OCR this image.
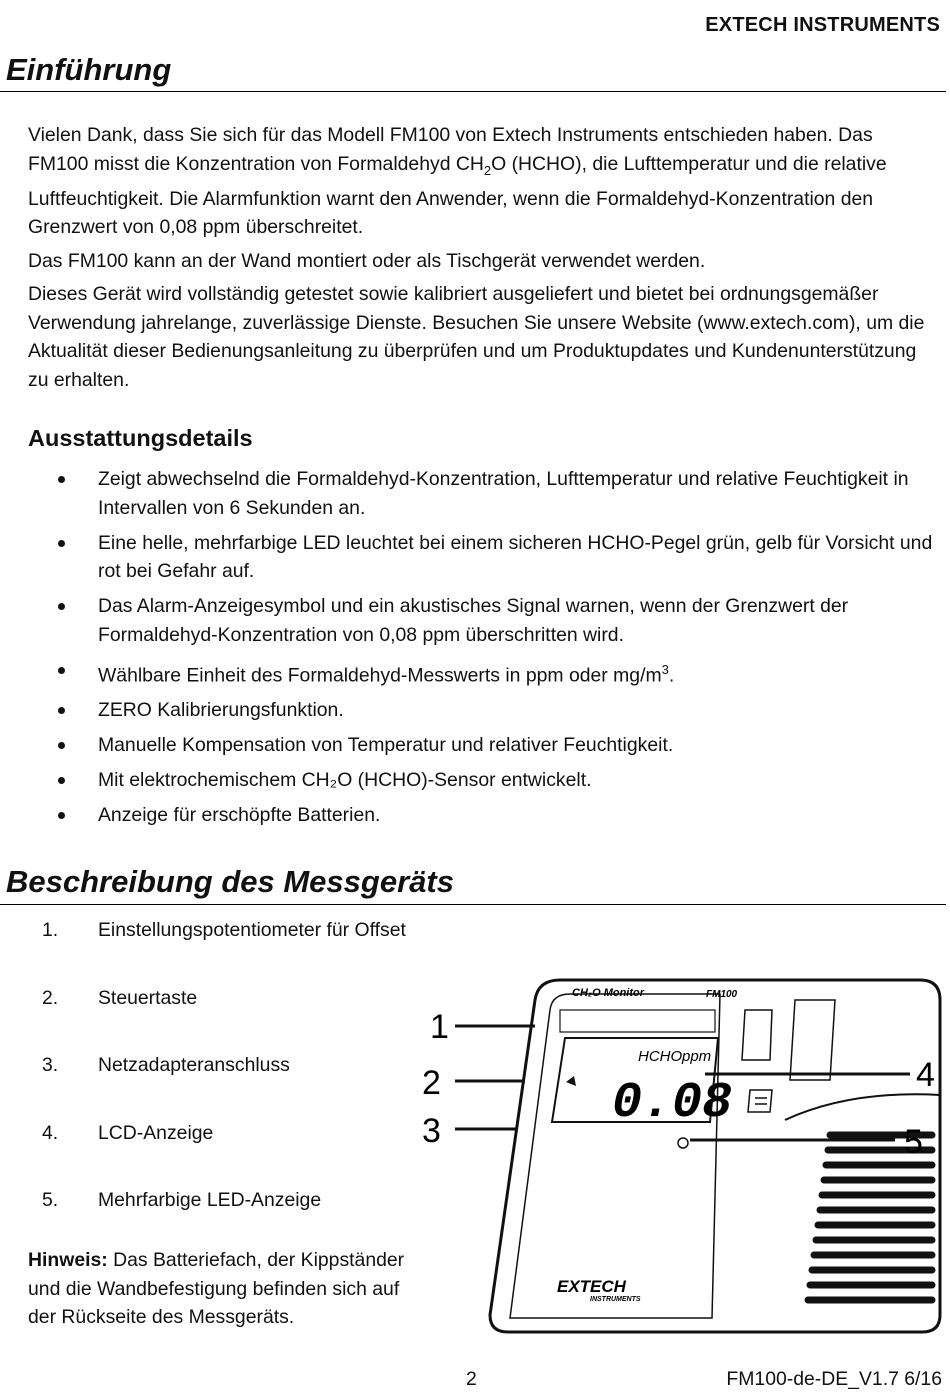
EXTECH INSTRUMENTS
Einführung

Vielen Dank, dass Sie sich für das Modell FM100 von Extech Instruments entschieden haben. Das FM100 misst die Konzentration von Formaldehyd $CH_2O$ (HCHO), die Lufttemperatur und die relative Luftfeuchtigkeit. Die Alarmfunktion warnt den Anwender, wenn die Formaldehyd-Konzentration den Grenzwert von 0,08 ppm überschreitet.

Das FM100 kann an der Wand montiert oder als Tischgerät verwendet werden.

Dieses Gerät wird vollständig getestet sowie kalibriert ausgeliefert und bietet bei ordnungsgemäßer Verwendung jahrelange, zuverlässige Dienste. Besuchen Sie unsere Website (www.extech.com), um die Aktualität dieser Bedienungsanleitung zu überprüfen und um Produktupdates und Kundenunterstützung zu erhalten.

Ausstattungsdetails
Zeigt abwechselnd die Formaldehyd-Konzentration, Lufttemperatur und relative Feuchtigkeit in Intervallen von 6 Sekunden an.
Eine helle, mehrfarbige LED leuchtet bei einem sicheren HCHO-Pegel grün, gelb für Vorsicht und rot bei Gefahr auf.
Das Alarm-Anzeigesymbol und ein akustisches Signal warnen, wenn der Grenzwert der Formaldehyd-Konzentration von 0,08 ppm überschritten wird.
Wählbare Einheit des Formaldehyd-Messwerts in ppm oder $mg/m^3$.
ZERO Kalibrierungsfunktion.
Manuelle Kompensation von Temperatur und relativer Feuchtigkeit.
Mit elektrochemischem CH₂O (HCHO)-Sensor entwickelt.
Anzeige für erschöpfte Batterien.
Beschreibung des Messgeräts
1. Einstellungspotentiometer für Offset
2. Steuertaste
3. Netzadapteranschluss
4. LCD-Anzeige
5. Mehrfarbige LED-Anzeige
Hinweis: Das Batteriefach, der Kippständer und die Wandbefestigung befinden sich auf der Rückseite des Messgeräts.
CH₂O Monitor	FM100
HCHO ppm
0.08
EXTECH
INSTRUMENTS
1
2
3
4
5
2	FM100-de-DE_V1.7 6/16
